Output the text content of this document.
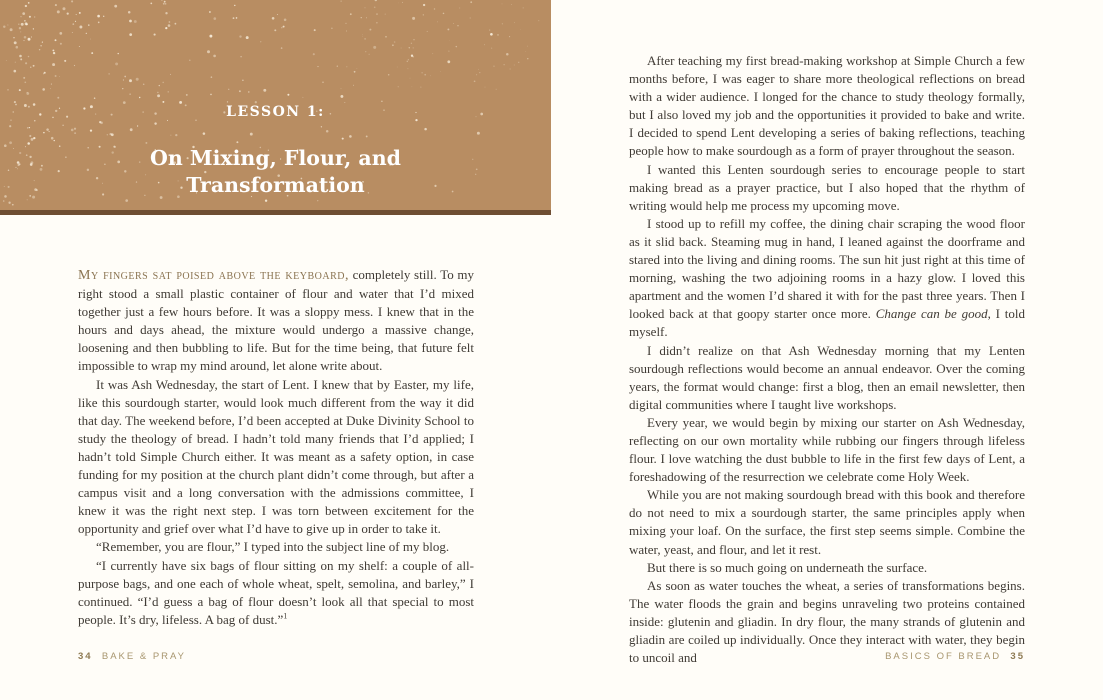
LESSON 1:
On Mixing, Flour, and
Transformation

My fingers sat poised above the keyboard, completely still. To my right stood a small plastic container of flour and water that I’d mixed together just a few hours before. It was a sloppy mess. I knew that in the hours and days ahead, the mixture would undergo a massive change, loosening and then bubbling to life. But for the time being, that future felt impossible to wrap my mind around, let alone write about.

It was Ash Wednesday, the start of Lent. I knew that by Easter, my life, like this sourdough starter, would look much different from the way it did that day. The weekend before, I’d been accepted at Duke Divinity School to study the theology of bread. I hadn’t told many friends that I’d applied; I hadn’t told Simple Church either. It was meant as a safety option, in case funding for my position at the church plant didn’t come through, but after a campus visit and a long conversation with the admissions committee, I knew it was the right next step. I was torn between excitement for the opportunity and grief over what I’d have to give up in order to take it.

“Remember, you are flour,” I typed into the subject line of my blog.

“I currently have six bags of flour sitting on my shelf: a couple of all-purpose bags, and one each of whole wheat, spelt, semolina, and barley,” I continued. “I’d guess a bag of flour doesn’t look all that special to most people. It’s dry, lifeless. A bag of dust.”$^1$

34 BAKE & PRAY	BASICS OF BREAD 35

After teaching my first bread-making workshop at Simple Church a few months before, I was eager to share more theological reflections on bread with a wider audience. I longed for the chance to study theology formally, but I also loved my job and the opportunities it provided to bake and write. I decided to spend Lent developing a series of baking reflections, teaching people how to make sourdough as a form of prayer throughout the season.

I wanted this Lenten sourdough series to encourage people to start making bread as a prayer practice, but I also hoped that the rhythm of writing would help me process my upcoming move.

I stood up to refill my coffee, the dining chair scraping the wood floor as it slid back. Steaming mug in hand, I leaned against the doorframe and stared into the living and dining rooms. The sun hit just right at this time of morning, washing the two adjoining rooms in a hazy glow. I loved this apartment and the women I’d shared it with for the past three years. Then I looked back at that goopy starter once more. Change can be good, I told myself.

I didn’t realize on that Ash Wednesday morning that my Lenten sourdough reflections would become an annual endeavor. Over the coming years, the format would change: first a blog, then an email newsletter, then digital communities where I taught live workshops.

Every year, we would begin by mixing our starter on Ash Wednesday, reflecting on our own mortality while rubbing our fingers through lifeless flour. I love watching the dust bubble to life in the first few days of Lent, a foreshadowing of the resurrection we celebrate come Holy Week.

While you are not making sourdough bread with this book and therefore do not need to mix a sourdough starter, the same principles apply when mixing your loaf. On the surface, the first step seems simple. Combine the water, yeast, and flour, and let it rest.

But there is so much going on underneath the surface.

As soon as water touches the wheat, a series of transformations begins. The water floods the grain and begins unraveling two proteins contained inside: glutenin and gliadin. In dry flour, the many strands of glutenin and gliadin are coiled up individually. Once they interact with water, they begin to uncoil and
